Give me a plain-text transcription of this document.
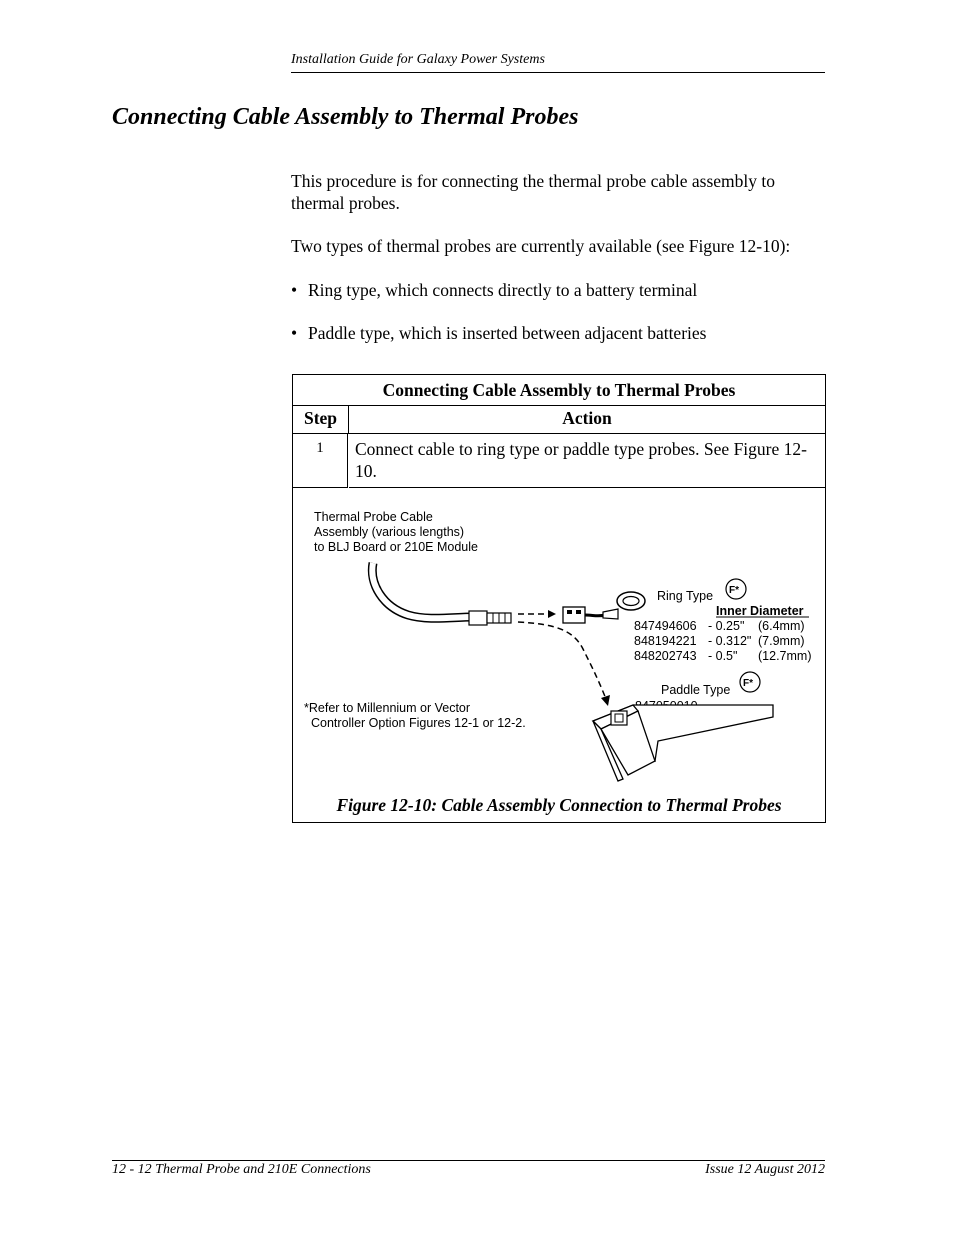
Installation Guide for Galaxy Power Systems
Connecting Cable Assembly to Thermal Probes
This procedure is for connecting the thermal probe cable assembly to thermal probes.
Two types of thermal probes are currently available (see Figure 12-10):
• Ring type, which connects directly to a battery terminal
• Paddle type, which is inserted between adjacent batteries
Connecting Cable Assembly to Thermal Probes
Step	Action
1	Connect cable to ring type or paddle type probes. See Figure 12-10.
Thermal Probe Cable
Assembly (various lengths)
to BLJ Board or 210E Module
Ring Type F*
Inner Diameter
847494606 - 0.25" (6.4mm)
848194221 - 0.312" (7.9mm)
848202743 - 0.5" (12.7mm)
Paddle Type F*
*Refer to Millennium or Vector
Controller Option Figures 12-1 or 12-2.
Figure 12-10: Cable Assembly Connection to Thermal Probes
12 - 12 Thermal Probe and 210E Connections	Issue 12 August 2012
